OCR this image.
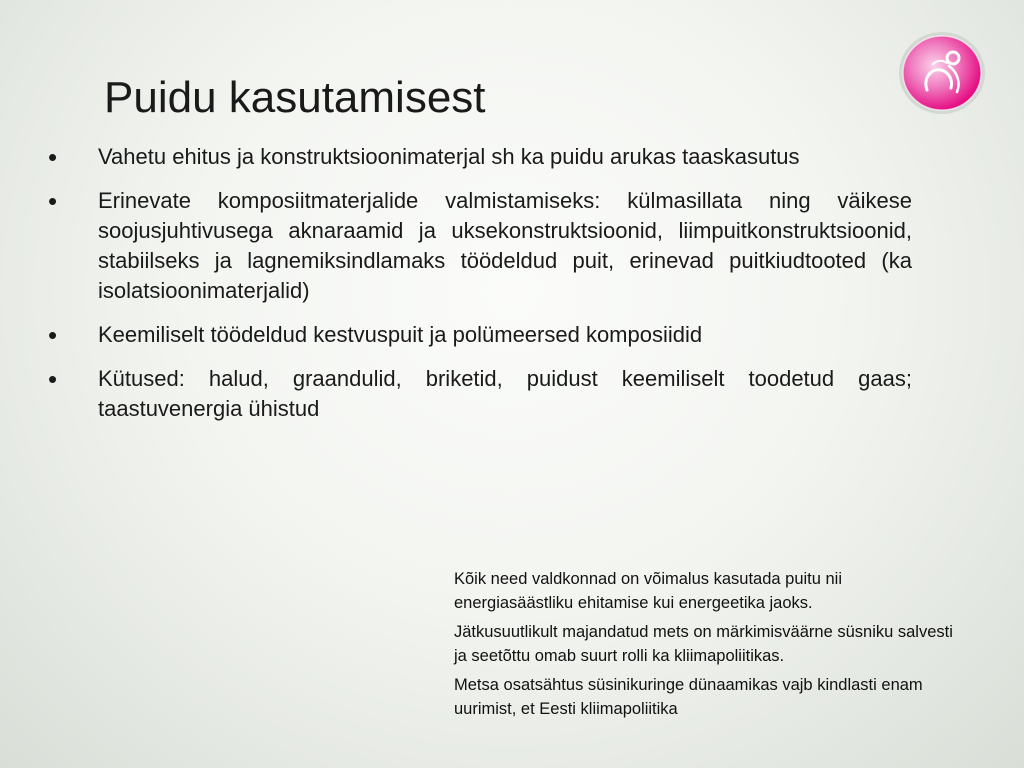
Puidu kasutamisest
• Vahetu ehitus ja konstruktsioonimaterjal sh ka puidu arukas taaskasutus
• Erinevate komposiitmaterjalide valmistamiseks: külmasillata ning väikese soojusjuhtivusega aknaraamid ja uksekonstruktsioonid, liimpuitkonstruktsioonid, stabiilseks ja lagnemiksindlamaks töödeldud puit, erinevad puitkiudtooted (ka isolatsioonimaterjalid)
• Keemiliselt töödeldud kestvuspuit ja polümeersed komposiidid
• Kütused: halud, graandulid, briketid, puidust keemiliselt toodetud gaas; taastuvenergia ühistud

Kõik need valdkonnad on võimalus kasutada puitu nii energiasäästliku ehitamise kui energeetika jaoks.

Jätkusuutlikult majandatud mets on märkimisväärne süsniku salvesti ja seetõttu omab suurt rolli ka kliimapoliitikas.

Metsa osatsähtus süsinikuringe dünaamikas vajb kindlasti enam uurimist, et Eesti kliimapoliitika
